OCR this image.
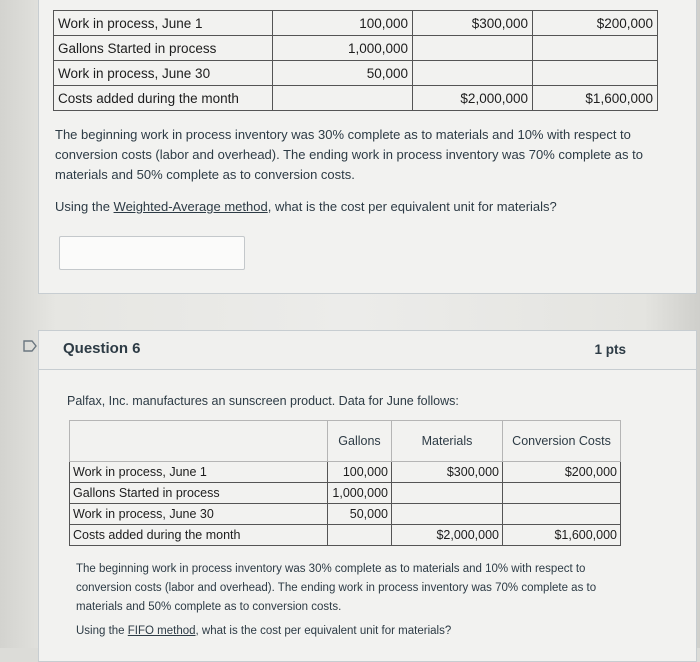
Work in process, June 1	100,000	$300,000	$200,000
Gallons Started in process	1,000,000		
Work in process, June 30	50,000		
Costs added during the month		$2,000,000	$1,600,000

The beginning work in process inventory was 30% complete as to materials and 10% with respect to conversion costs (labor and overhead). The ending work in process inventory was 70% complete as to materials and 50% complete as to conversion costs.

Using the Weighted-Average method, what is the cost per equivalent unit for materials?

Question 6	1 pts

Palfax, Inc. manufactures an sunscreen product. Data for June follows:

	Gallons	Materials	Conversion Costs
Work in process, June 1	100,000	$300,000	$200,000
Gallons Started in process	1,000,000		
Work in process, June 30	50,000		
Costs added during the month		$2,000,000	$1,600,000

The beginning work in process inventory was 30% complete as to materials and 10% with respect to conversion costs (labor and overhead). The ending work in process inventory was 70% complete as to materials and 50% complete as to conversion costs.

Using the FIFO method, what is the cost per equivalent unit for materials?
